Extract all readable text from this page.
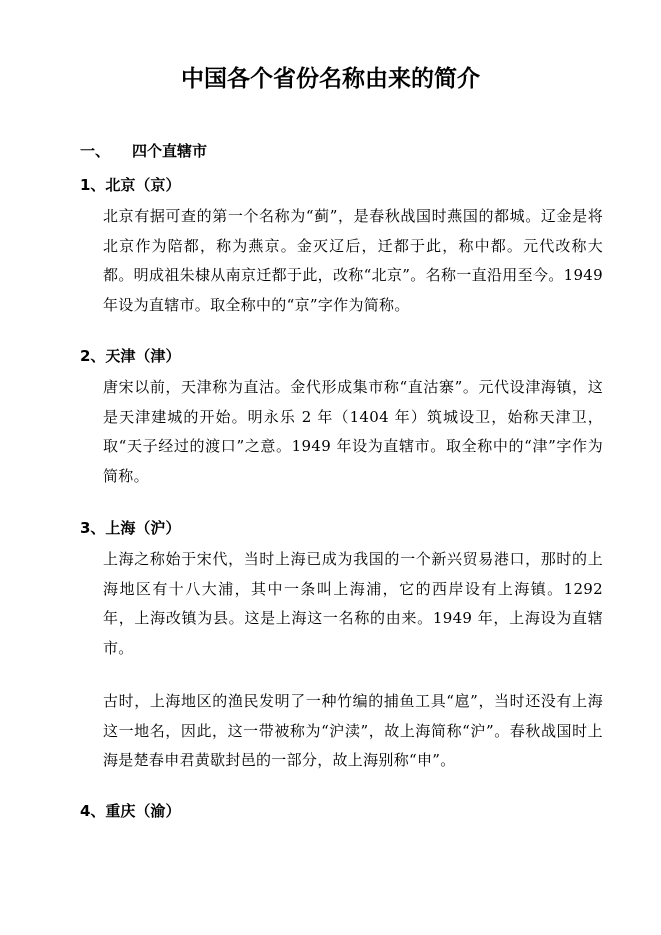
中国各个省份名称由来的简介
一、 四个直辖市
1、北京（京）

北京有据可查的第一个名称为“蓟”，是春秋战国时燕国的都城。辽金是将北京作为陪都，称为燕京。金灭辽后，迁都于此，称中都。元代改称大都。明成祖朱棣从南京迁都于此，改称“北京”。名称一直沿用至今。1949 年设为直辖市。取全称中的“京”字作为简称。

2、天津（津）

唐宋以前，天津称为直沽。金代形成集市称“直沽寨”。元代设津海镇，这是天津建城的开始。明永乐 2 年（1404 年）筑城设卫，始称天津卫，取“天子经过的渡口”之意。1949 年设为直辖市。取全称中的“津”字作为简称。

3、上海（沪）

上海之称始于宋代，当时上海已成为我国的一个新兴贸易港口，那时的上海地区有十八大浦，其中一条叫上海浦，它的西岸设有上海镇。1292 年，上海改镇为县。这是上海这一名称的由来。1949 年，上海设为直辖市。

古时，上海地区的渔民发明了一种竹编的捕鱼工具“扈”，当时还没有上海这一地名，因此，这一带被称为“沪渎”，故上海简称“沪”。春秋战国时上海是楚春申君黄歇封邑的一部分，故上海别称“申”。

4、重庆（渝）
